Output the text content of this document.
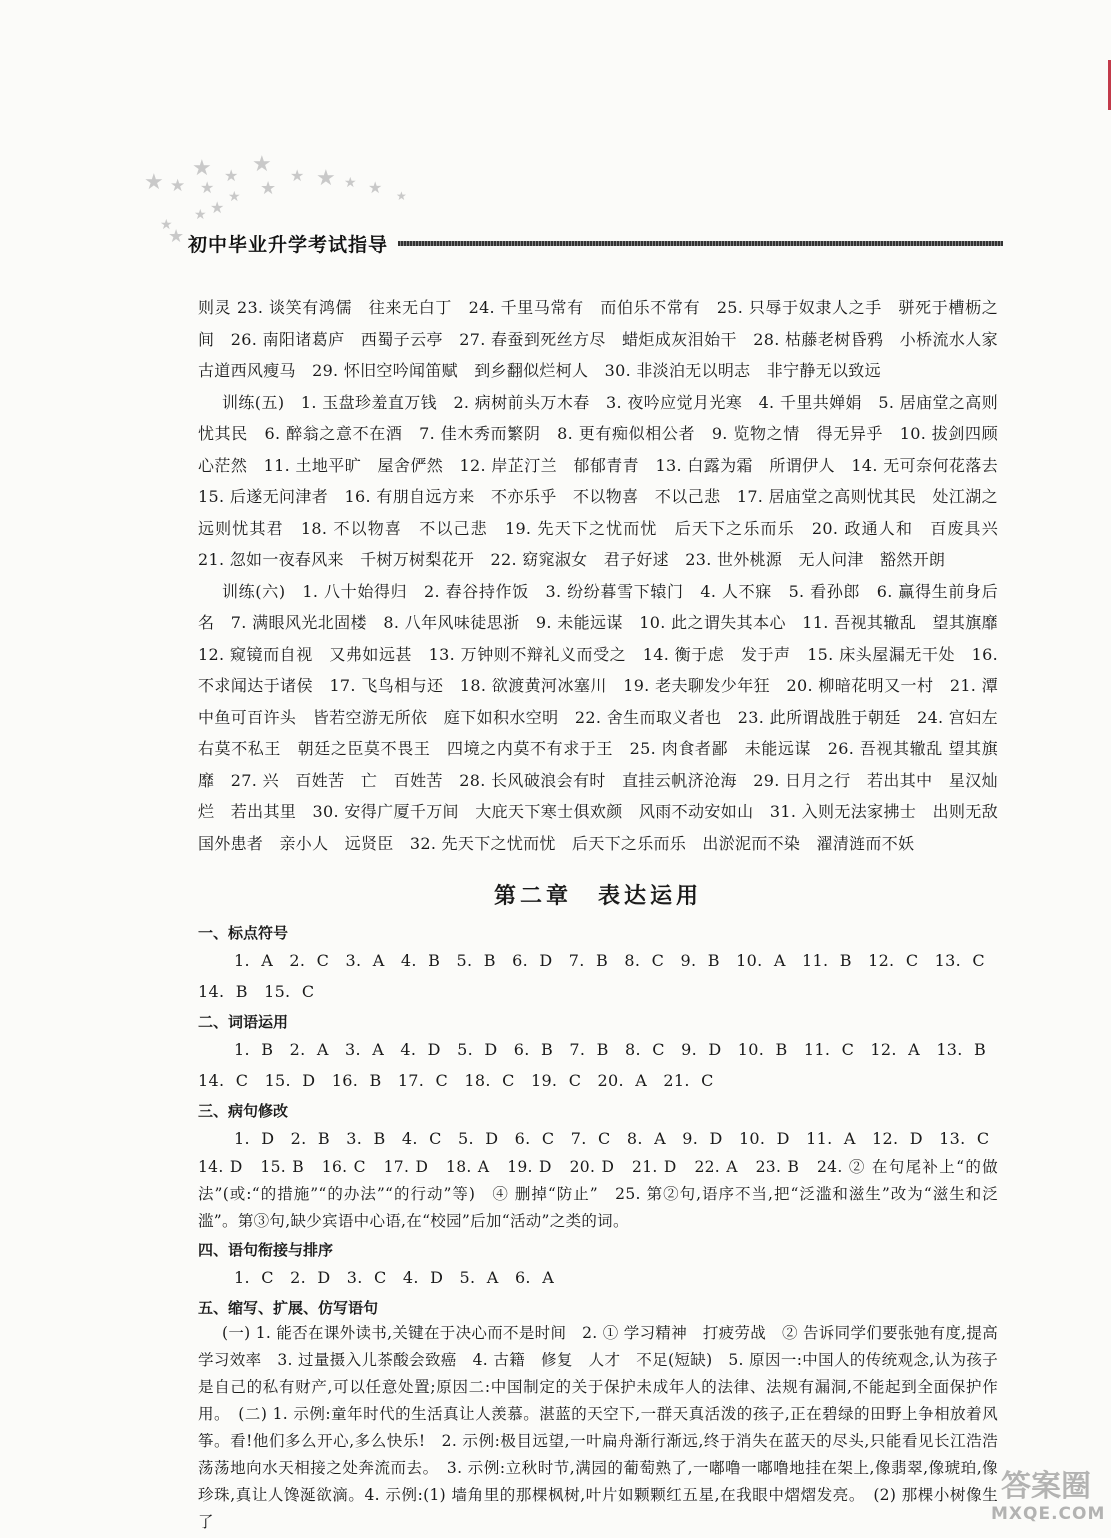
★ ★
★
★
★ ★
★
★ ★ ★ ★ ★
★
★
★
★
★ 初中毕业升学考试指导

则灵 23. 谈笑有鸿儒　往来无白丁　24. 千里马常有　而伯乐不常有　25. 只辱于奴隶人之手　骈死于槽枥之间　26. 南阳诸葛庐　西蜀子云亭　27. 春蚕到死丝方尽　蜡炬成灰泪始干　28. 枯藤老树昏鸦　小桥流水人家　古道西风瘦马　29. 怀旧空吟闻笛赋　到乡翻似烂柯人　30. 非淡泊无以明志　非宁静无以致远

训练(五)　1. 玉盘珍羞直万钱　2. 病树前头万木春　3. 夜吟应觉月光寒　4. 千里共婵娟　5. 居庙堂之高则忧其民　6. 醉翁之意不在酒　7. 佳木秀而繁阴　8. 更有痴似相公者　9. 览物之情　得无异乎　10. 拔剑四顾心茫然　11. 土地平旷　屋舍俨然　12. 岸芷汀兰　郁郁青青　13. 白露为霜　所谓伊人　14. 无可奈何花落去　15. 后遂无问津者　16. 有朋自远方来　不亦乐乎　不以物喜　不以己悲　17. 居庙堂之高则忧其民　处江湖之远则忧其君　18. 不以物喜　不以己悲　19. 先天下之忧而忧　后天下之乐而乐　20. 政通人和　百废具兴　21. 忽如一夜春风来　千树万树梨花开　22. 窈窕淑女　君子好逑　23. 世外桃源　无人问津　豁然开朗

训练(六)　1. 八十始得归　2. 舂谷持作饭　3. 纷纷暮雪下辕门　4. 人不寐　5. 看孙郎　6. 赢得生前身后名　7. 满眼风光北固楼　8. 八年风味徒思浙　9. 未能远谋　10. 此之谓失其本心　11. 吾视其辙乱　望其旗靡　12. 窥镜而自视　又弗如远甚　13. 万钟则不辩礼义而受之　14. 衡于虑　发于声　15. 床头屋漏无干处　16. 不求闻达于诸侯　17. 飞鸟相与还　18. 欲渡黄河冰塞川　19. 老夫聊发少年狂　20. 柳暗花明又一村　21. 潭中鱼可百许头　皆若空游无所依　庭下如积水空明　22. 舍生而取义者也　23. 此所谓战胜于朝廷　24. 宫妇左右莫不私王　朝廷之臣莫不畏王　四境之内莫不有求于王　25. 肉食者鄙　未能远谋　26. 吾视其辙乱 望其旗靡　27. 兴　百姓苦　亡　百姓苦　28. 长风破浪会有时　直挂云帆济沧海　29. 日月之行　若出其中　星汉灿烂　若出其里　30. 安得广厦千万间　大庇天下寒士俱欢颜　风雨不动安如山　31. 入则无法家拂士　出则无敌国外患者　亲小人　远贤臣　32. 先天下之忧而忧　后天下之乐而乐　出淤泥而不染　濯清涟而不妖

第二章　表达运用
一、标点符号

1. A　2. C　3. A　4. B　5. B　6. D　7. B　8. C　9. B　10. A　11. B　12. C　13. C

14. B　15. C

二、词语运用

1. B　2. A　3. A　4. D　5. D　6. B　7. B　8. C　9. D　10. B　11. C　12. A　13. B

14. C　15. D　16. B　17. C　18. C　19. C　20. A　21. C

三、病句修改

1. D　2. B　3. B　4. C　5. D　6. C　7. C　8. A　9. D　10. D　11. A　12. D　13. C

14. D　15. B　16. C　17. D　18. A　19. D　20. D　21. D　22. A　23. B　24. ② 在句尾补上“的做法”(或:“的措施”“的办法”“的行动”等)　④ 删掉“防止”　25. 第②句,语序不当,把“泛滥和滋生”改为“滋生和泛滥”。第③句,缺少宾语中心语,在“校园”后加“活动”之类的词。

四、语句衔接与排序

1. C　2. D　3. C　4. D　5. A　6. A

五、缩写、扩展、仿写语句

(一) 1. 能否在课外读书,关键在于决心而不是时间　2. ① 学习精神　打疲劳战　② 告诉同学们要张弛有度,提高学习效率　3. 过量摄入儿茶酸会致癌　4. 古籍　修复　人才　不足(短缺)　5. 原因一:中国人的传统观念,认为孩子是自己的私有财产,可以任意处置;原因二:中国制定的关于保护未成年人的法律、法规有漏洞,不能起到全面保护作用。　(二) 1. 示例:童年时代的生活真让人羡慕。湛蓝的天空下,一群天真活泼的孩子,正在碧绿的田野上争相放着风筝。看!他们多么开心,多么快乐!　2. 示例:极目远望,一叶扁舟渐行渐远,终于消失在蓝天的尽头,只能看见长江浩浩荡荡地向水天相接之处奔流而去。　3. 示例:立秋时节,满园的葡萄熟了,一嘟噜一嘟噜地挂在架上,像翡翠,像琥珀,像珍珠,真让人馋涎欲滴。4. 示例:(1) 墙角里的那棵枫树,叶片如颗颗红五星,在我眼中熠熠发亮。　(2) 那棵小树像生了

答案圈
MXQE.COM
